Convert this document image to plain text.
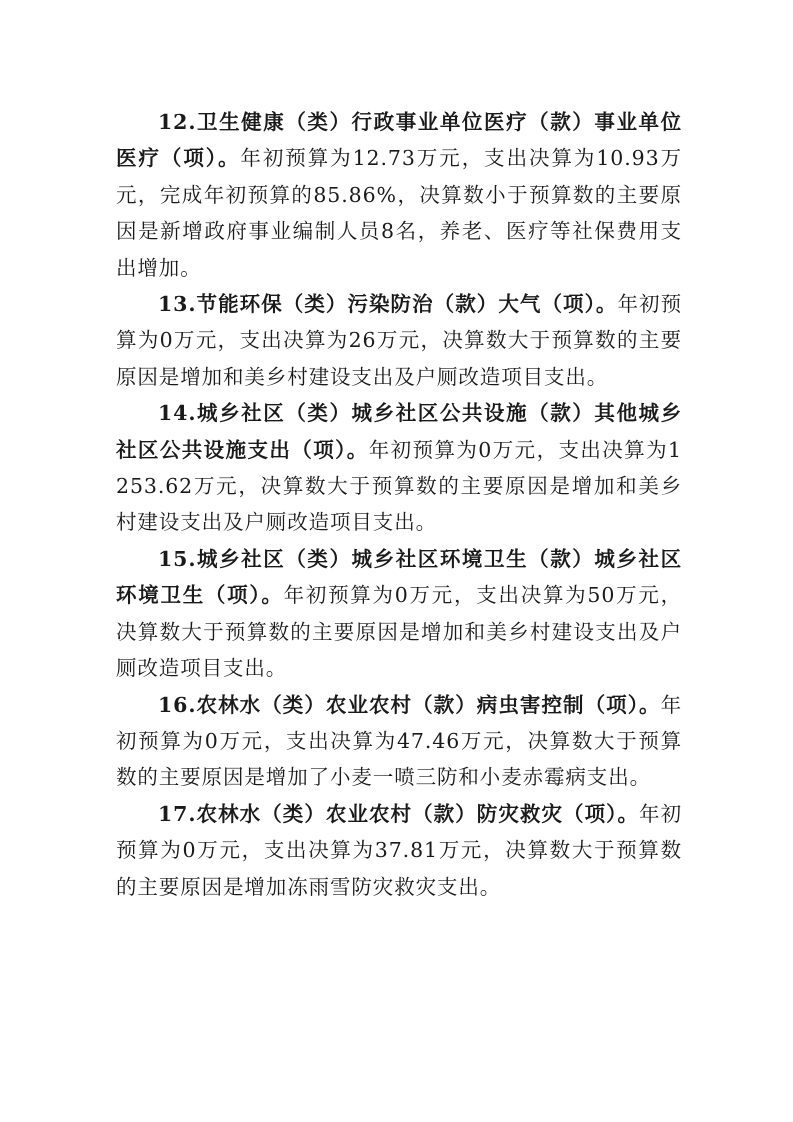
12.卫生健康（类）行政事业单位医疗（款）事业单位医疗（项）。年初预算为12.73万元，支出决算为10.93万元，完成年初预算的85.86%，决算数小于预算数的主要原因是新增政府事业编制人员8名，养老、医疗等社保费用支出增加。

13.节能环保（类）污染防治（款）大气（项）。年初预算为0万元，支出决算为26万元，决算数大于预算数的主要原因是增加和美乡村建设支出及户厕改造项目支出。

14.城乡社区（类）城乡社区公共设施（款）其他城乡社区公共设施支出（项）。年初预算为0万元，支出决算为1253.62万元，决算数大于预算数的主要原因是增加和美乡村建设支出及户厕改造项目支出。

15.城乡社区（类）城乡社区环境卫生（款）城乡社区环境卫生（项）。年初预算为0万元，支出决算为50万元，决算数大于预算数的主要原因是增加和美乡村建设支出及户厕改造项目支出。

16.农林水（类）农业农村（款）病虫害控制（项）。年初预算为0万元，支出决算为47.46万元，决算数大于预算数的主要原因是增加了小麦一喷三防和小麦赤霉病支出。

17.农林水（类）农业农村（款）防灾救灾（项）。年初预算为0万元，支出决算为37.81万元，决算数大于预算数的主要原因是增加冻雨雪防灾救灾支出。
